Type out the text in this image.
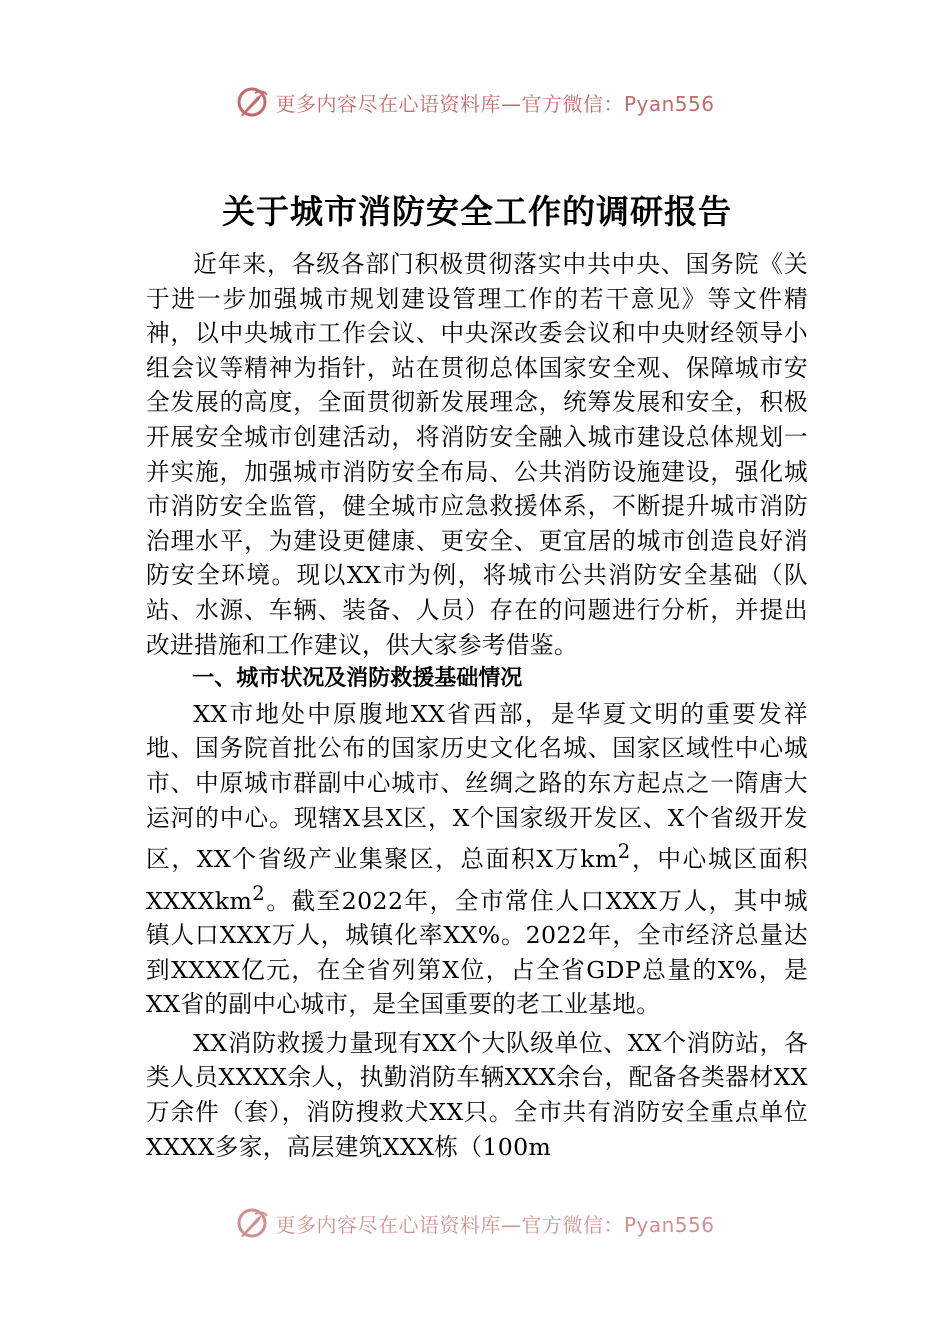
更多内容尽在心语资料库—官方微信：Pyan556
关于城市消防安全工作的调研报告

近年来，各级各部门积极贯彻落实中共中央、国务院《关于进一步加强城市规划建设管理工作的若干意见》等文件精神，以中央城市工作会议、中央深改委会议和中央财经领导小组会议等精神为指针，站在贯彻总体国家安全观、保障城市安全发展的高度，全面贯彻新发展理念，统筹发展和安全，积极开展安全城市创建活动，将消防安全融入城市建设总体规划一并实施，加强城市消防安全布局、公共消防设施建设，强化城市消防安全监管，健全城市应急救援体系，不断提升城市消防治理水平，为建设更健康、更安全、更宜居的城市创造良好消防安全环境。现以XX市为例，将城市公共消防安全基础（队站、水源、车辆、装备、人员）存在的问题进行分析，并提出改进措施和工作建议，供大家参考借鉴。

一、城市状况及消防救援基础情况

XX市地处中原腹地XX省西部，是华夏文明的重要发祥地、国务院首批公布的国家历史文化名城、国家区域性中心城市、中原城市群副中心城市、丝绸之路的东方起点之一隋唐大运河的中心。现辖X县X区，X个国家级开发区、X个省级开发区，XX个省级产业集聚区，总面积X万$km^2$，中心城区面积XXXXkm$^2$。截至2022年，全市常住人口XXX万人，其中城镇人口XXX万人，城镇化率XX%。2022年，全市经济总量达到XXXX亿元，在全省列第X位，占全省GDP总量的X%，是XX省的副中心城市，是全国重要的老工业基地。

XX消防救援力量现有XX个大队级单位、XX个消防站，各类人员XXXX余人，执勤消防车辆XXX余台，配备各类器材XX万余件（套），消防搜救犬XX只。全市共有消防安全重点单位XXXX多家，高层建筑XXX栋（100m

更多内容尽在心语资料库—官方微信：Pyan556
